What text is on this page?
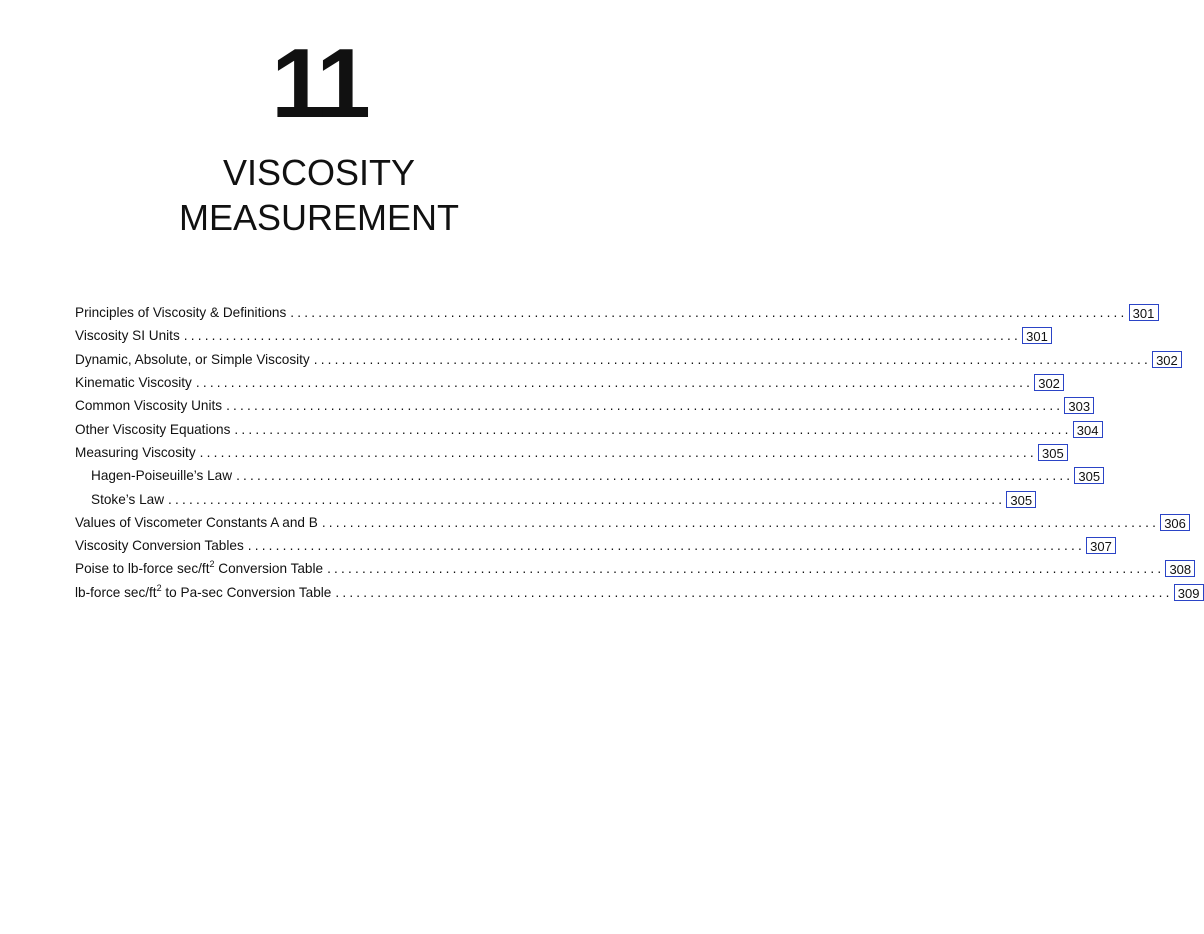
11
VISCOSITY
MEASUREMENT
Principles of Viscosity & Definitions ........................................................................................................................ 301
Viscosity SI Units ........................................................................................................................ 301
Dynamic, Absolute, or Simple Viscosity ........................................................................................................................ 302
Kinematic Viscosity ........................................................................................................................ 302
Common Viscosity Units ........................................................................................................................ 303
Other Viscosity Equations ........................................................................................................................ 304
Measuring Viscosity ........................................................................................................................ 305
Hagen-Poiseuille’s Law ........................................................................................................................ 305
Stoke’s Law ........................................................................................................................ 305
Values of Viscometer Constants A and B ........................................................................................................................ 306
Viscosity Conversion Tables ........................................................................................................................ 307
Poise to lb-force $\sec/ft^2$ Conversion Table ........................................................................................................................ 308
lb-force $\sec/ft^2$ to Pa-sec Conversion Table ........................................................................................................................ 309
